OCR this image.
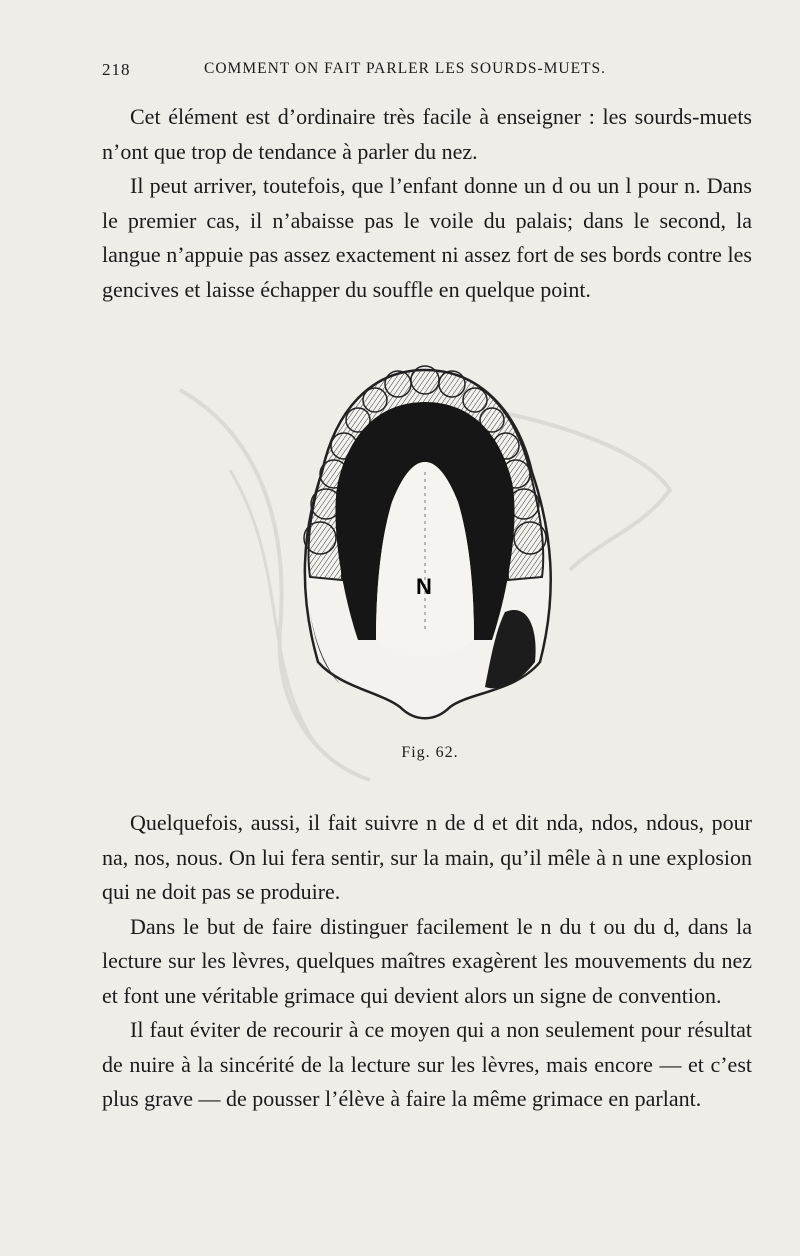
218	COMMENT ON FAIT PARLER LES SOURDS-MUETS.

Cet élément est d’ordinaire très facile à enseigner : les sourds-muets n’ont que trop de tendance à parler du nez.

Il peut arriver, toutefois, que l’enfant donne un d ou un l pour n. Dans le premier cas, il n’abaisse pas le voile du palais; dans le second, la langue n’appuie pas assez exactement ni assez fort de ses bords contre les gencives et laisse échapper du souffle en quelque point.

N
Fig. 62.

Quelquefois, aussi, il fait suivre n de d et dit nda, ndos, ndous, pour na, nos, nous. On lui fera sentir, sur la main, qu’il mêle à n une explosion qui ne doit pas se produire.

Dans le but de faire distinguer facilement le n du t ou du d, dans la lecture sur les lèvres, quelques maîtres exagèrent les mouvements du nez et font une véritable grimace qui devient alors un signe de convention.

Il faut éviter de recourir à ce moyen qui a non seulement pour résultat de nuire à la sincérité de la lecture sur les lèvres, mais encore — et c’est plus grave — de pousser l’élève à faire la même grimace en parlant.
